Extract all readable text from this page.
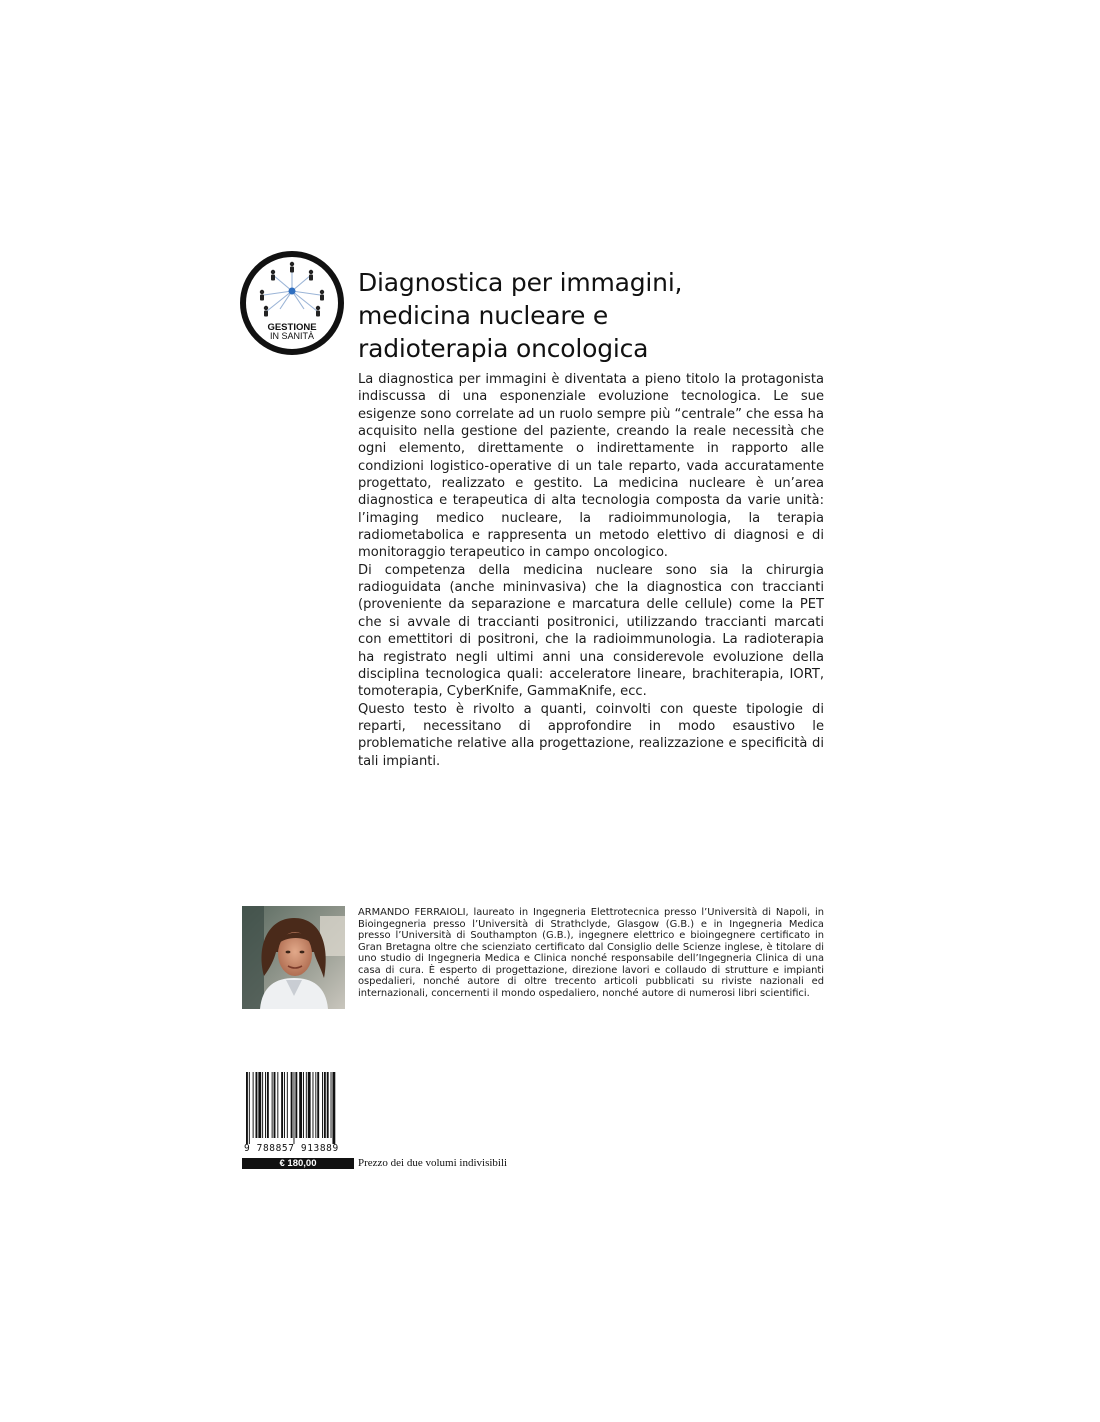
GESTIONE
IN SANITÀ
Diagnostica per immagini,
medicina nucleare e
radioterapia oncologica

La diagnostica per immagini è diventata a pieno titolo la protagonista indiscussa di una esponenziale evoluzione tecnologica. Le sue esigenze sono correlate ad un ruolo sempre più “centrale” che essa ha acquisito nella gestione del paziente, creando la reale necessità che ogni elemento, direttamente o indirettamente in rapporto alle condizioni logistico-operative di un tale reparto, vada accuratamente progettato, realizzato e gestito. La medicina nucleare è un’area diagnostica e terapeutica di alta tecnologia composta da varie unità: l’imaging medico nucleare, la radioimmunologia, la terapia radiometabolica e rappresenta un metodo elettivo di diagnosi e di monitoraggio terapeutico in campo oncologico.

Di competenza della medicina nucleare sono sia la chirurgia radioguidata (anche mininvasiva) che la diagnostica con traccianti (proveniente da separazione e marcatura delle cellule) come la PET che si avvale di traccianti positronici, utilizzando traccianti marcati con emettitori di positroni, che la radioimmunologia. La radioterapia ha registrato negli ultimi anni una considerevole evoluzione della disciplina tecnologica quali: acceleratore lineare, brachiterapia, IORT, tomoterapia, CyberKnife, GammaKnife, ecc.

Questo testo è rivolto a quanti, coinvolti con queste tipologie di reparti, necessitano di approfondire in modo esaustivo le problematiche relative alla progettazione, realizzazione e specificità di tali impianti.

ARMANDO FERRAIOLI, laureato in Ingegneria Elettrotecnica presso l’Università di Napoli, in Bioingegneria presso l’Università di Strathclyde, Glasgow (G.B.) e in Ingegneria Medica presso l’Università di Southampton (G.B.), ingegnere elettrico e bioingegnere certificato in Gran Bretagna oltre che scienziato certificato dal Consiglio delle Scienze inglese, è titolare di uno studio di Ingegneria Medica e Clinica nonché responsabile dell’Ingegneria Clinica di una casa di cura. È esperto di progettazione, direzione lavori e collaudo di strutture e impianti ospedalieri, nonché autore di oltre trecento articoli pubblicati su riviste nazionali ed internazionali, concernenti il mondo ospedaliero, nonché autore di numerosi libri scientifici.

9 788857 913889
€ 180,00	Prezzo dei due volumi indivisibili
